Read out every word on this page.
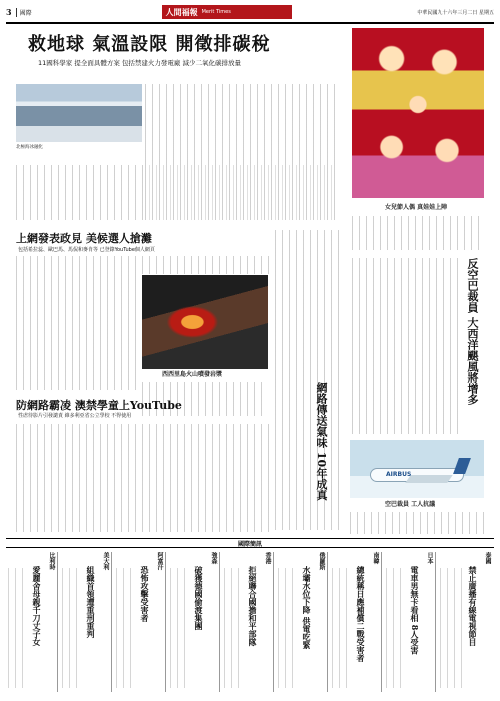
3	國際	人間福報 Merit Times	中華民國九十六年三月二日 星期五
救地球 氣溫設限 開徵排碳稅
11國科學家 提全面具體方案 包括禁建火力發電廠 減少二氧化碳排放量
北極海冰融化
女兒節人偶 真娃娃上陣
上網發表政見 美候選人搶灘
包括希拉蕊、歐巴馬、馬侃和麥肯等 已登錄YouTube個人網頁
西西里島火山噴發岩漿
防網路霸凌 澳禁學童上YouTube
性虐待影片引發譴責 維多利亞省公立學校 不得使用	網路傳送氣味 10年成真
反空巴裁員 大西洋颶風將增多
AIRBUS
空巴裁員 工人抗議
國際簡訊
比利時
愛麗舍母親千刀丈子女
美大利
組織首領遭重刑重判
阿富汗
恐怖攻擊受害者
強森
破獲德國偷渡集團
香港
拒絕聯合國擔和平部隊
俄羅斯
水壩水位下降 供電吃緊
南韓
總統稱日應補償二戰受害者
日本
電車男無卡看相 8人受害
泰國
禁止廣播有線電視節目
